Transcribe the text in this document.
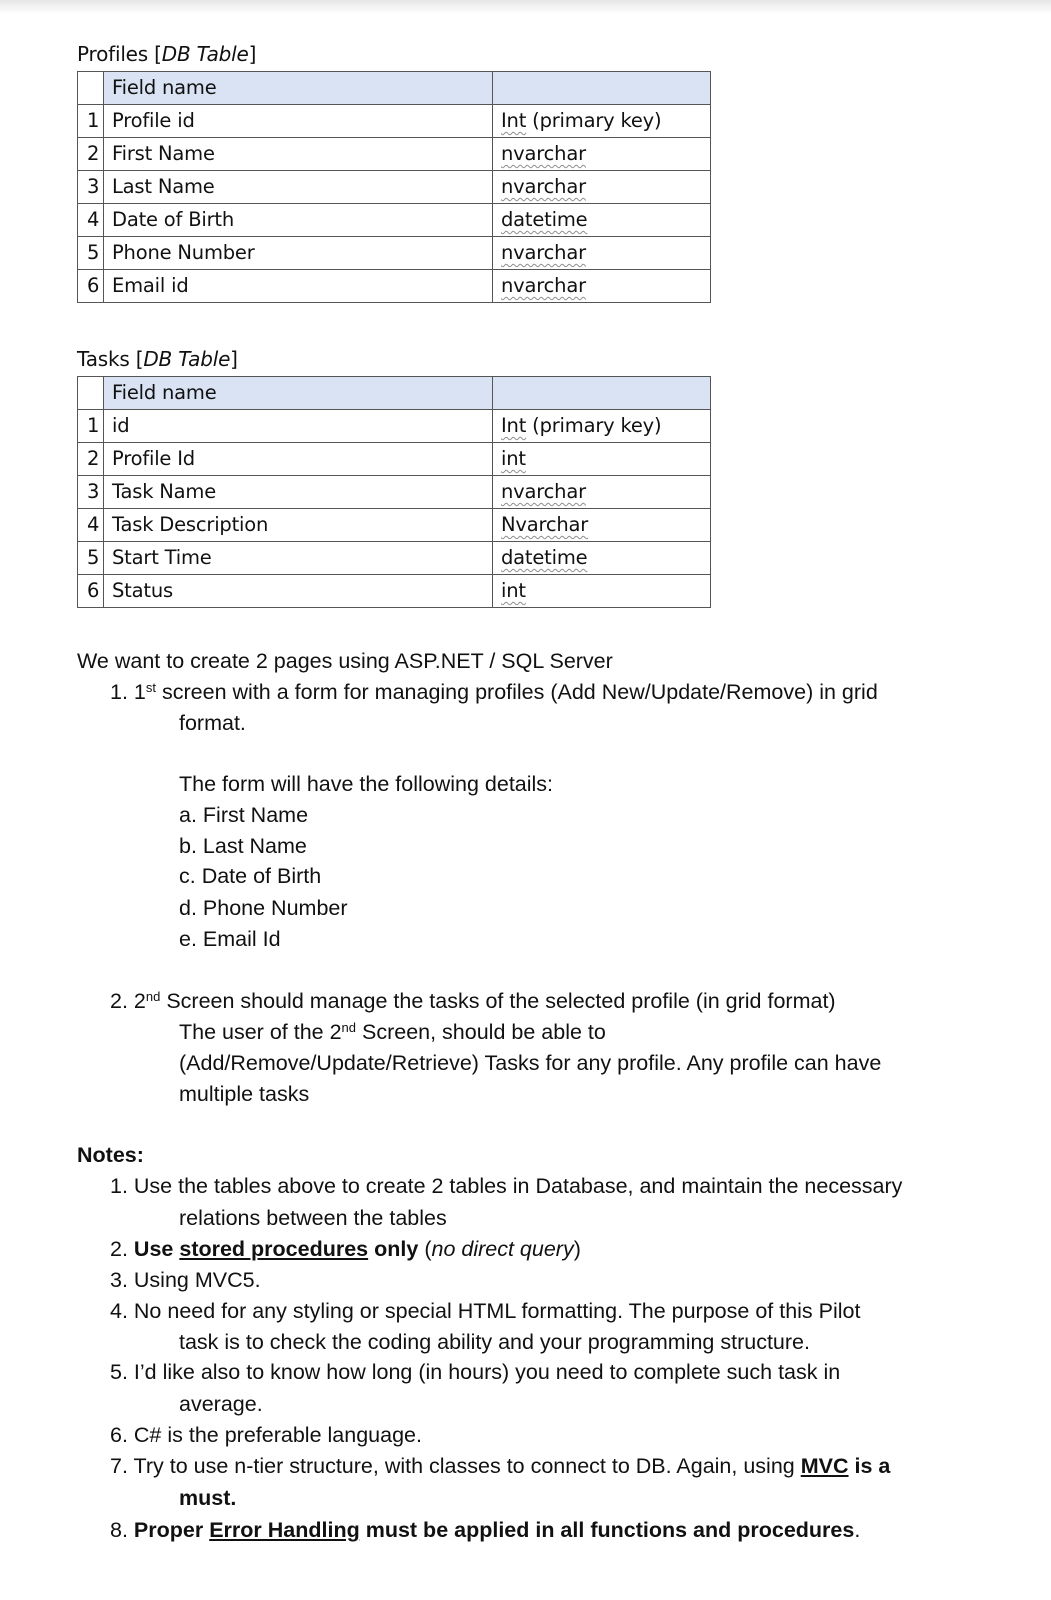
Profiles [DB Table]
	Field name	
1	Profile id	Int (primary key)
2	First Name	nvarchar
3	Last Name	nvarchar
4	Date of Birth	datetime
5	Phone Number	nvarchar
6	Email id	nvarchar
Tasks [DB Table]
	Field name	
1	id	Int (primary key)
2	Profile Id	int
3	Task Name	nvarchar
4	Task Description	Nvarchar
5	Start Time	datetime
6	Status	int
We want to create 2 pages using ASP.NET / SQL Server
1. 1st screen with a form for managing profiles (Add New/Update/Remove) in grid
format.
The form will have the following details:
a. First Name
b. Last Name
c. Date of Birth
d. Phone Number
e. Email Id
2. 2nd Screen should manage the tasks of the selected profile (in grid format)
The user of the 2nd Screen, should be able to
(Add/Remove/Update/Retrieve) Tasks for any profile. Any profile can have
multiple tasks
Notes:
1. Use the tables above to create 2 tables in Database, and maintain the necessary
relations between the tables
2. Use stored procedures only (no direct query)
3. Using MVC5.
4. No need for any styling or special HTML formatting. The purpose of this Pilot
task is to check the coding ability and your programming structure.
5. I’d like also to know how long (in hours) you need to complete such task in
average.
6. C# is the preferable language.
7. Try to use n-tier structure, with classes to connect to DB. Again, using MVC is a
must.
8. Proper Error Handling must be applied in all functions and procedures.
